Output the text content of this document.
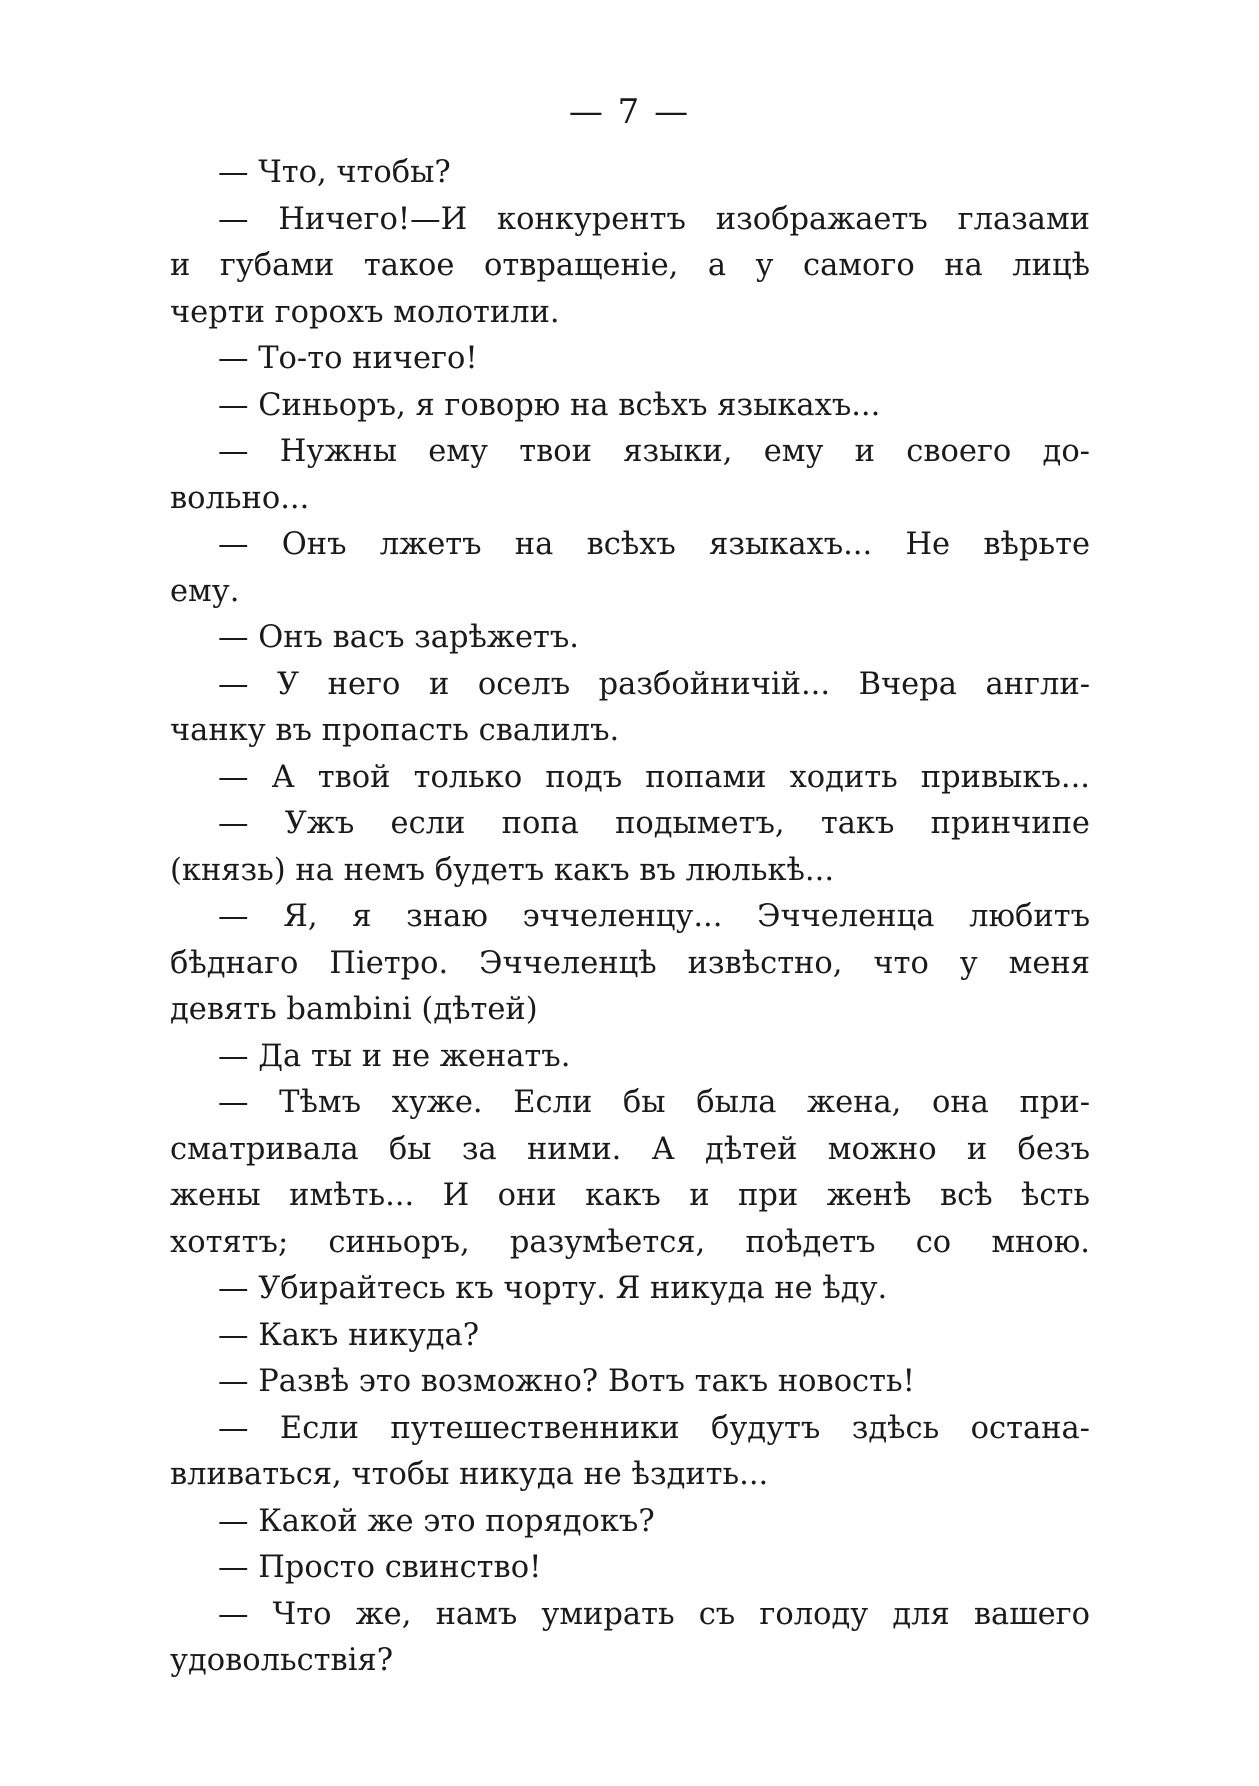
— 7 —
— Что, чтобы?
— Ничего!—И конкурентъ изображаетъ глазами
и губами такое отвращеніе, а у самого на лицѣ
черти горохъ молотили.
— То-то ничего!
— Синьоръ, я говорю на всѣхъ языкахъ...
— Нужны ему твои языки, ему и своего до-
вольно...
— Онъ лжетъ на всѣхъ языкахъ... Не вѣрьте
ему.
— Онъ васъ зарѣжетъ.
— У него и оселъ разбойничій... Вчера англи-
чанку въ пропасть свалилъ.
— А твой только подъ попами ходить привыкъ...
— Ужъ если попа подыметъ, такъ принчипе
(князь) на немъ будетъ какъ въ люлькѣ...
— Я, я знаю эччеленцу... Эччеленца любитъ
бѣднаго Піетро. Эччеленцѣ извѣстно, что у меня
девять bambini (дѣтей)
— Да ты и не женатъ.
— Тѣмъ хуже. Если бы была жена, она при-
сматривала бы за ними. А дѣтей можно и безъ
жены имѣть... И они какъ и при женѣ всѣ ѣсть
хотятъ; синьоръ, разумѣется, поѣдетъ со мною.
— Убирайтесь къ чорту. Я никуда не ѣду.
— Какъ никуда?
— Развѣ это возможно? Вотъ такъ новость!
— Если путешественники будутъ здѣсь остана-
вливаться, чтобы никуда не ѣздить...
— Какой же это порядокъ?
— Просто свинство!
— Что же, намъ умирать съ голоду для вашего
удовольствія?
